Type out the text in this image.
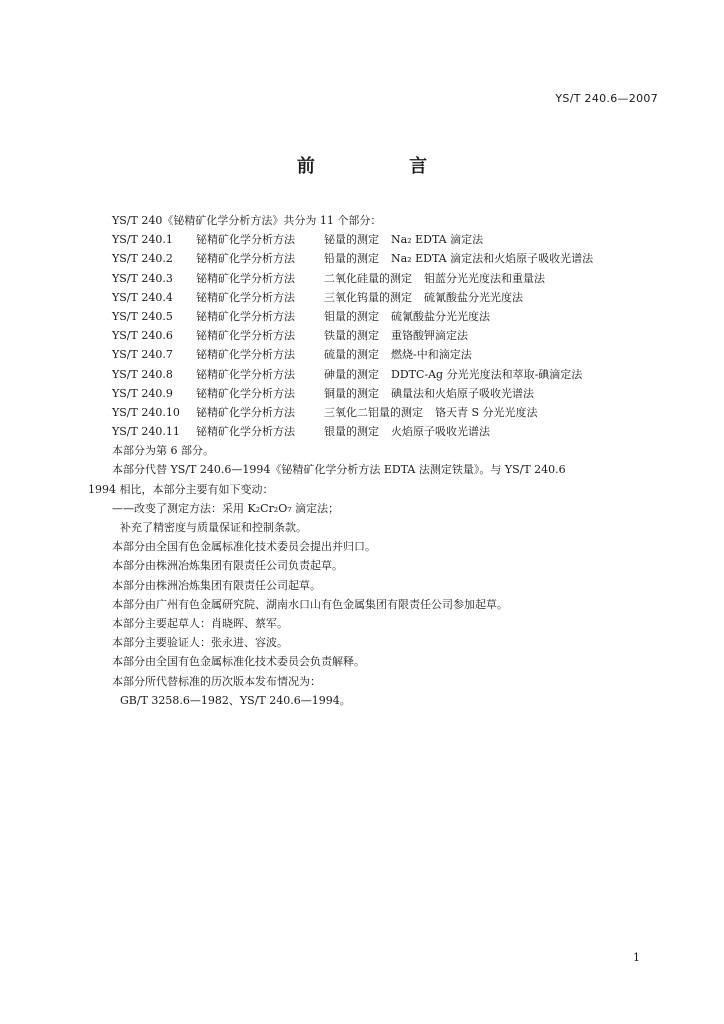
YS/T 240.6—2007
前 言
YS/T 240《铋精矿化学分析方法》共分为 11 个部分：
YS/T 240.1	铋精矿化学分析方法	铋量的测定 Na₂ EDTA 滴定法
YS/T 240.2	铋精矿化学分析方法	铅量的测定 Na₂ EDTA 滴定法和火焰原子吸收光谱法
YS/T 240.3	铋精矿化学分析方法	二氧化硅量的测定 钼蓝分光光度法和重量法
YS/T 240.4	铋精矿化学分析方法	三氧化钨量的测定 硫氰酸盐分光光度法
YS/T 240.5	铋精矿化学分析方法	钼量的测定 硫氰酸盐分光光度法
YS/T 240.6	铋精矿化学分析方法	铁量的测定 重铬酸钾滴定法
YS/T 240.7	铋精矿化学分析方法	硫量的测定 燃烧-中和滴定法
YS/T 240.8	铋精矿化学分析方法	砷量的测定 DDTC-Ag 分光光度法和萃取-碘滴定法
YS/T 240.9	铋精矿化学分析方法	铜量的测定 碘量法和火焰原子吸收光谱法
YS/T 240.10	铋精矿化学分析方法	三氧化二铝量的测定 铬天青 S 分光光度法
YS/T 240.11	铋精矿化学分析方法	银量的测定 火焰原子吸收光谱法
本部分为第 6 部分。
本部分代替 YS/T 240.6—1994《铋精矿化学分析方法 EDTA 法测定铁量》。与 YS/T 240.6
1994 相比，本部分主要有如下变动：
——改变了测定方法：采用 K₂Cr₂O₇ 滴定法；
补充了精密度与质量保证和控制条款。
本部分由全国有色金属标准化技术委员会提出并归口。
本部分由株洲冶炼集团有限责任公司负责起草。
本部分由株洲冶炼集团有限责任公司起草。
本部分由广州有色金属研究院、湖南水口山有色金属集团有限责任公司参加起草。
本部分主要起草人：肖晓晖、蔡军。
本部分主要验证人：张永进、容波。
本部分由全国有色金属标准化技术委员会负责解释。
本部分所代替标准的历次版本发布情况为：
GB/T 3258.6—1982、YS/T 240.6—1994。
1
